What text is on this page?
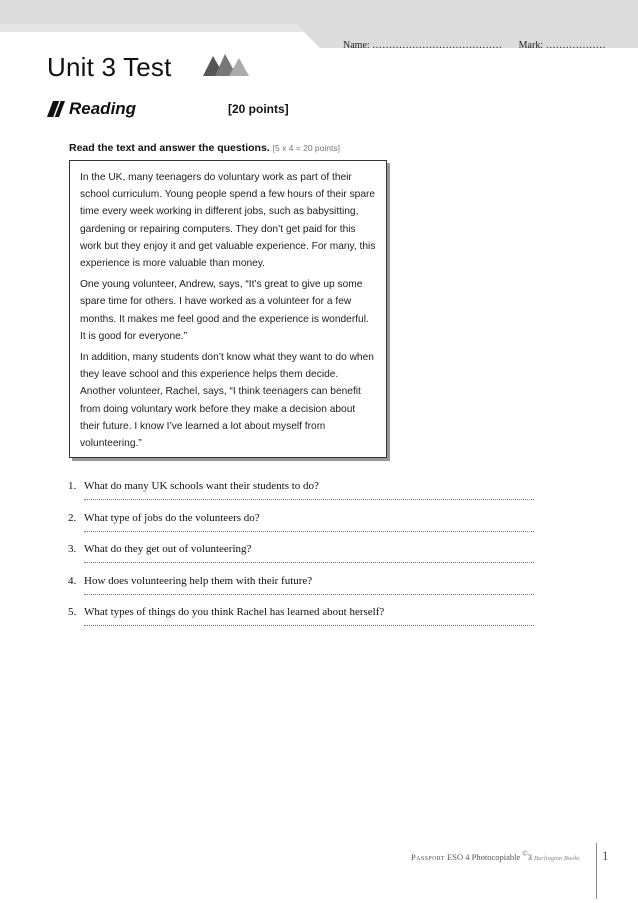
Name: ………………………………… Mark: ………………
Unit 3 Test
Reading	[20 points]
Read the text and answer the questions. [5 x 4 = 20 points]

In the UK, many teenagers do voluntary work as part of their school curriculum. Young people spend a few hours of their spare time every week working in different jobs, such as babysitting, gardening or repairing computers. They don’t get paid for this work but they enjoy it and get valuable experience. For many, this experience is more valuable than money.

One young volunteer, Andrew, says, “It’s great to give up some spare time for others. I have worked as a volunteer for a few months. It makes me feel good and the experience is wonderful. It is good for everyone.”

In addition, many students don’t know what they want to do when they leave school and this experience helps them decide. Another volunteer, Rachel, says, “I think teenagers can benefit from doing voluntary work before they make a decision about their future. I know I’ve learned a lot about myself from volunteering.”

1. What do many UK schools want their students to do?
2. What type of jobs do the volunteers do?
3. What do they get out of volunteering?
4. How does volunteering help them with their future?
5. What types of things do you think Rachel has learned about herself?
Passport ESO 4 Photocopiable ©3 Burlington Books 1
